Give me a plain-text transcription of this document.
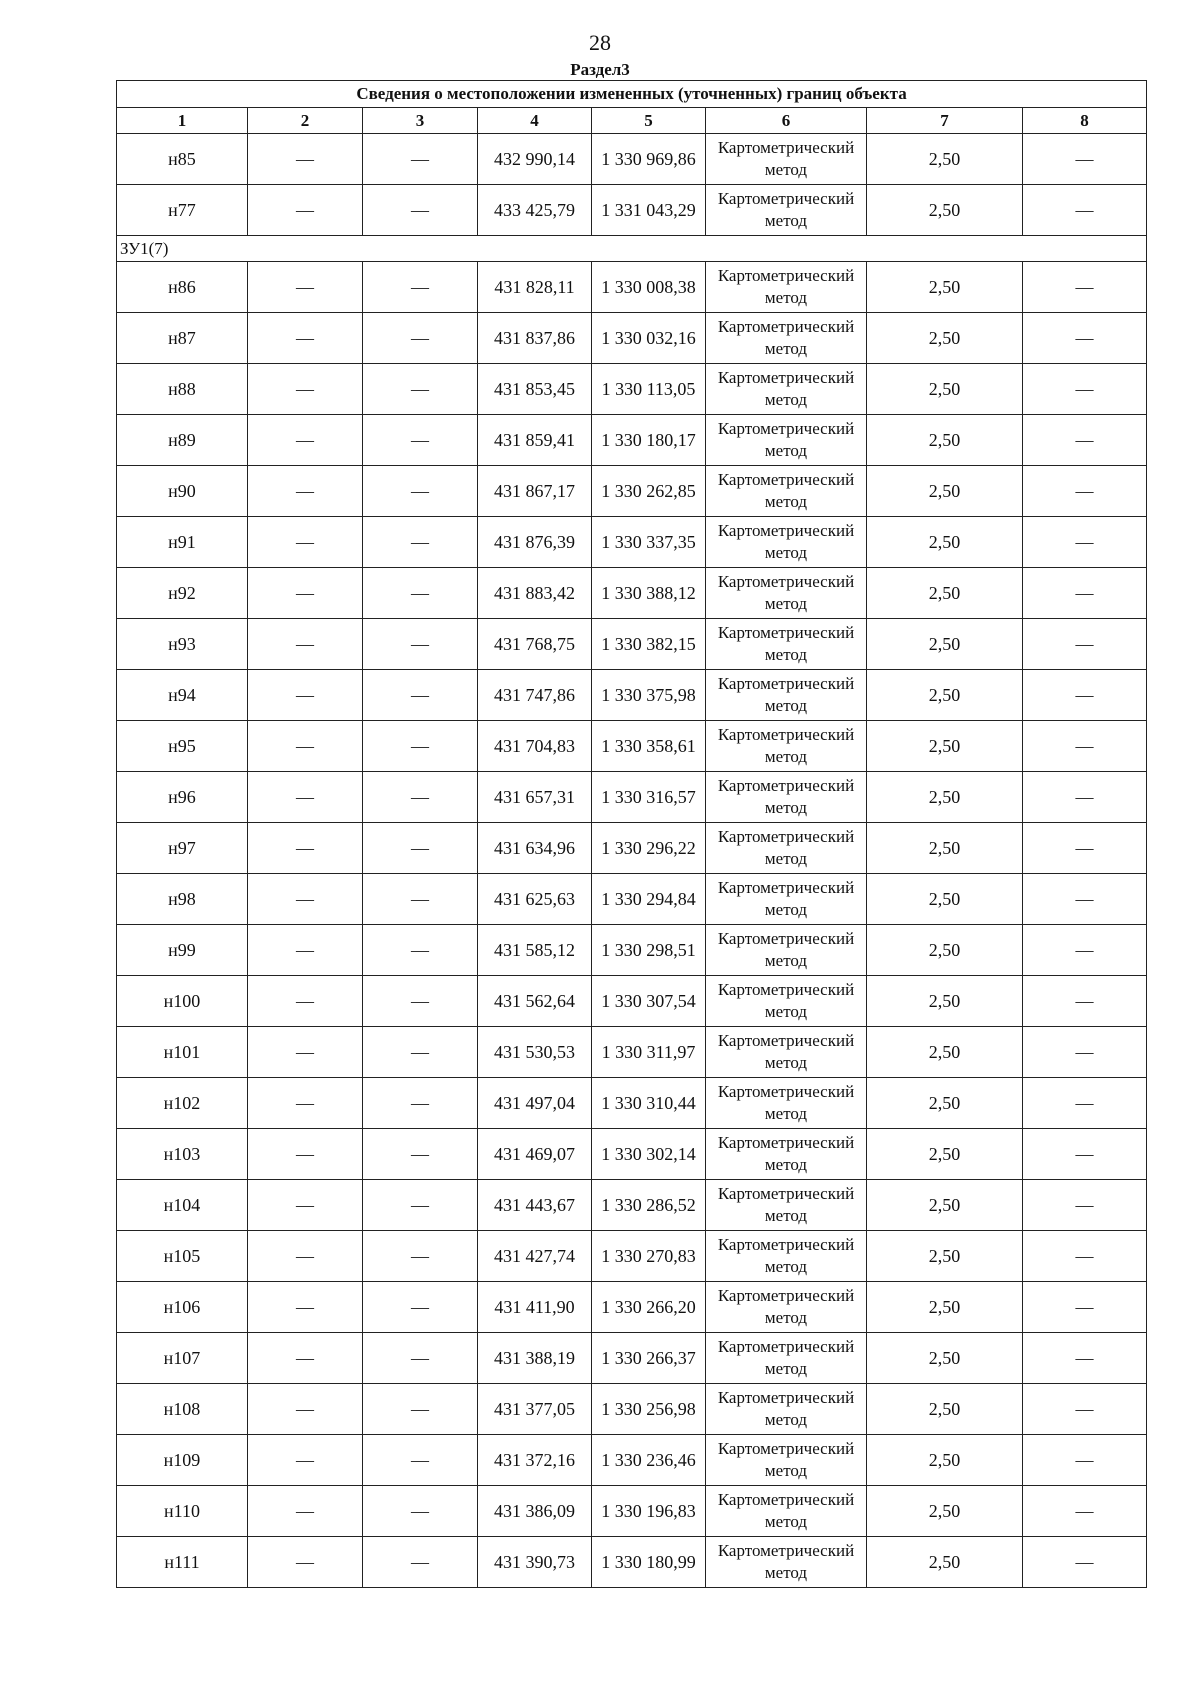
28
Раздел3
Сведения о местоположении измененных (уточненных) границ объекта							
1	2	3	4	5	6	7	8
н85	—	—	432 990,14	1 330 969,86	Картометрический метод	2,50	—
н77	—	—	433 425,79	1 331 043,29	Картометрический метод	2,50	—
ЗУ1(7)							
н86	—	—	431 828,11	1 330 008,38	Картометрический метод	2,50	—
н87	—	—	431 837,86	1 330 032,16	Картометрический метод	2,50	—
н88	—	—	431 853,45	1 330 113,05	Картометрический метод	2,50	—
н89	—	—	431 859,41	1 330 180,17	Картометрический метод	2,50	—
н90	—	—	431 867,17	1 330 262,85	Картометрический метод	2,50	—
н91	—	—	431 876,39	1 330 337,35	Картометрический метод	2,50	—
н92	—	—	431 883,42	1 330 388,12	Картометрический метод	2,50	—
н93	—	—	431 768,75	1 330 382,15	Картометрический метод	2,50	—
н94	—	—	431 747,86	1 330 375,98	Картометрический метод	2,50	—
н95	—	—	431 704,83	1 330 358,61	Картометрический метод	2,50	—
н96	—	—	431 657,31	1 330 316,57	Картометрический метод	2,50	—
н97	—	—	431 634,96	1 330 296,22	Картометрический метод	2,50	—
н98	—	—	431 625,63	1 330 294,84	Картометрический метод	2,50	—
н99	—	—	431 585,12	1 330 298,51	Картометрический метод	2,50	—
н100	—	—	431 562,64	1 330 307,54	Картометрический метод	2,50	—
н101	—	—	431 530,53	1 330 311,97	Картометрический метод	2,50	—
н102	—	—	431 497,04	1 330 310,44	Картометрический метод	2,50	—
н103	—	—	431 469,07	1 330 302,14	Картометрический метод	2,50	—
н104	—	—	431 443,67	1 330 286,52	Картометрический метод	2,50	—
н105	—	—	431 427,74	1 330 270,83	Картометрический метод	2,50	—
н106	—	—	431 411,90	1 330 266,20	Картометрический метод	2,50	—
н107	—	—	431 388,19	1 330 266,37	Картометрический метод	2,50	—
н108	—	—	431 377,05	1 330 256,98	Картометрический метод	2,50	—
н109	—	—	431 372,16	1 330 236,46	Картометрический метод	2,50	—
н110	—	—	431 386,09	1 330 196,83	Картометрический метод	2,50	—
н111	—	—	431 390,73	1 330 180,99	Картометрический метод	2,50	—
